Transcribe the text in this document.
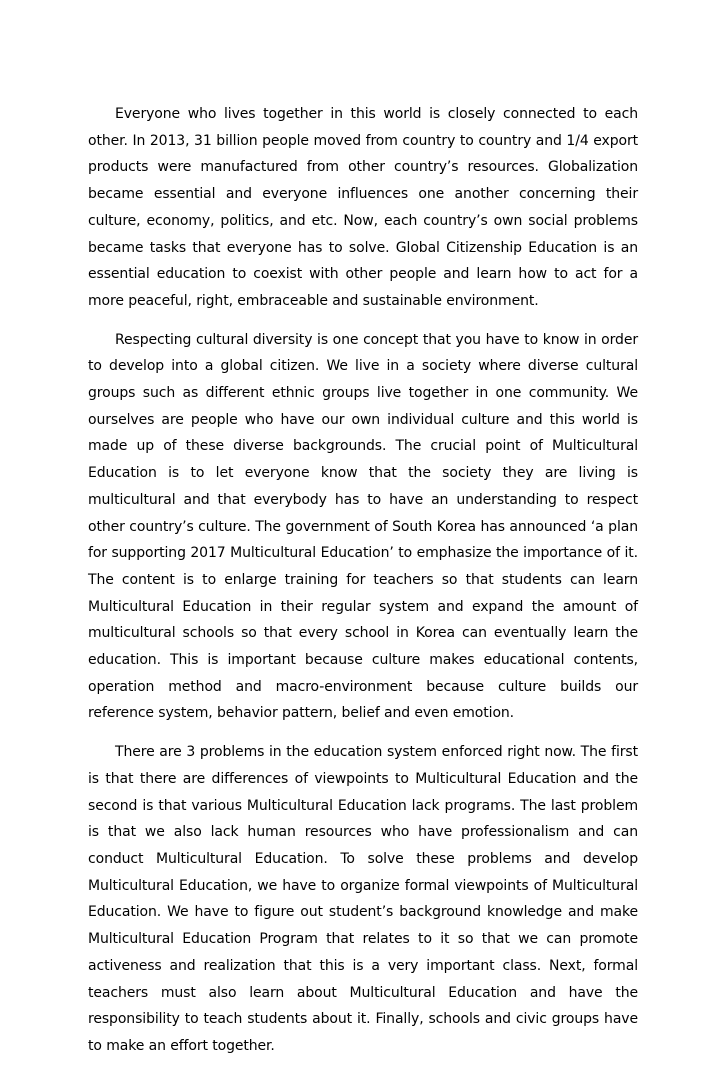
Everyone who lives together in this world is closely connected to each other. In 2013, 31 billion people moved from country to country and 1/4 export products were manufactured from other country’s resources. Globalization became essential and everyone influences one another concerning their culture, economy, politics, and etc. Now, each country’s own social problems became tasks that everyone has to solve. Global Citizenship Education is an essential education to coexist with other people and learn how to act for a more peaceful, right, embraceable and sustainable environment.

Respecting cultural diversity is one concept that you have to know in order to develop into a global citizen. We live in a society where diverse cultural groups such as different ethnic groups live together in one community. We ourselves are people who have our own individual culture and this world is made up of these diverse backgrounds. The crucial point of Multicultural Education is to let everyone know that the society they are living is multicultural and that everybody has to have an understanding to respect other country’s culture. The government of South Korea has announced ‘a plan for supporting 2017 Multicultural Education’ to emphasize the importance of it. The content is to enlarge training for teachers so that students can learn Multicultural Education in their regular system and expand the amount of multicultural schools so that every school in Korea can eventually learn the education. This is important because culture makes educational contents, operation method and macro-environment because culture builds our reference system, behavior pattern, belief and even emotion.

There are 3 problems in the education system enforced right now. The first is that there are differences of viewpoints to Multicultural Education and the second is that various Multicultural Education lack programs. The last problem is that we also lack human resources who have professionalism and can conduct Multicultural Education. To solve these problems and develop Multicultural Education, we have to organize formal viewpoints of Multicultural Education. We have to figure out student’s background knowledge and make Multicultural Education Program that relates to it so that we can promote activeness and realization that this is a very important class. Next, formal teachers must also learn about Multicultural Education and have the responsibility to teach students about it. Finally, schools and civic groups have to make an effort together.
